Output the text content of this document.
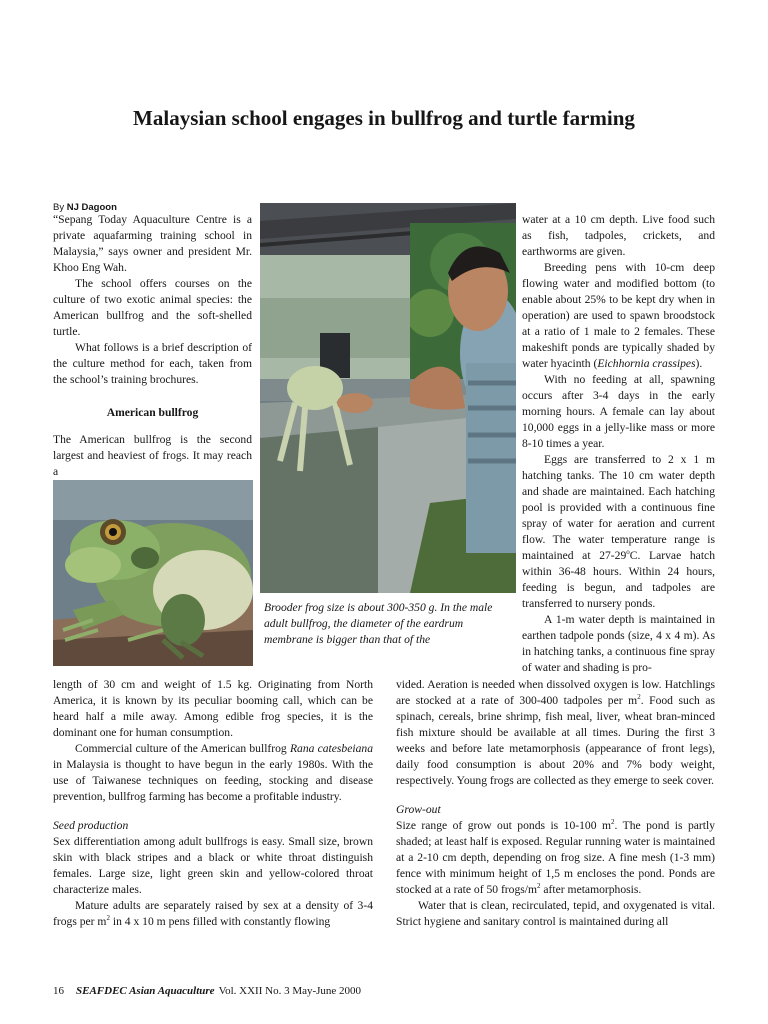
Malaysian school engages in bullfrog and turtle farming
By NJ Dagoon

“Sepang Today Aquaculture Centre is a private aquafarming training school in Malaysia,” says owner and president Mr. Khoo Eng Wah.

The school offers courses on the culture of two exotic animal species: the American bullfrog and the soft-shelled turtle.

What follows is a brief description of the culture method for each, taken from the school’s training brochures.

American bullfrog

The American bullfrog is the second largest and heaviest of frogs. It may reach a

water at a 10 cm depth. Live food such as fish, tadpoles, crickets, and earthworms are given.

Breeding pens with 10-cm deep flowing water and modified bottom (to enable about 25% to be kept dry when in operation) are used to spawn broodstock at a ratio of 1 male to 2 females. These makeshift ponds are typically shaded by water hyacinth (Eichhornia crassipes).

With no feeding at all, spawning occurs after 3-4 days in the early morning hours. A female can lay about 10,000 eggs in a jelly-like mass or more 8-10 times a year.

Eggs are transferred to 2 x 1 m hatching tanks. The 10 cm water depth and shade are maintained. Each hatching pool is provided with a continuous fine spray of water for aeration and current flow. The water temperature range is maintained at 27-29$^o$C. Larvae hatch within 36-48 hours. Within 24 hours, feeding is begun, and tadpoles are transferred to nursery ponds.

A 1-m water depth is maintained in earthen tadpole ponds (size, 4 x 4 m). As in hatching tanks, a continuous fine spray of water and shading is pro-

Brooder frog size is about 300-350 g. In the male adult bullfrog, the diameter of the eardrum membrane is bigger than that of the

length of 30 cm and weight of 1.5 kg. Originating from North America, it is known by its peculiar booming call, which can be heard half a mile away. Among edible frog species, it is the dominant one for human consumption.

Commercial culture of the American bullfrog Rana catesbeiana in Malaysia is thought to have begun in the early 1980s. With the use of Taiwanese techniques on feeding, stocking and disease prevention, bullfrog farming has become a profitable industry.

Seed production

Sex differentiation among adult bullfrogs is easy. Small size, brown skin with black stripes and a black or white throat distinguish females. Large size, light green skin and yellow-colored throat characterize males.

Mature adults are separately raised by sex at a density of 3-4 frogs per $m^2$ in 4 x 10 m pens filled with constantly flowing

vided. Aeration is needed when dissolved oxygen is low. Hatchlings are stocked at a rate of 300-400 tadpoles per $m^2$. Food such as spinach, cereals, brine shrimp, fish meal, liver, wheat bran-minced fish mixture should be available at all times. During the first 3 weeks and before late metamorphosis (appearance of front legs), daily food consumption is about 20% and 7% body weight, respectively. Young frogs are collected as they emerge to seek cover.

Grow-out

Size range of grow out ponds is 10-100 $m^2$. The pond is partly shaded; at least half is exposed. Regular running water is maintained at a 2-10 cm depth, depending on frog size. A fine mesh (1-3 mm) fence with minimum height of 1,5 m encloses the pond. Ponds are stocked at a rate of 50 frogs/$m^2$ after metamorphosis.

Water that is clean, recirculated, tepid, and oxygenated is vital. Strict hygiene and sanitary control is maintained during all

16 SEAFDEC Asian Aquaculture Vol. XXII No. 3 May-June 2000
